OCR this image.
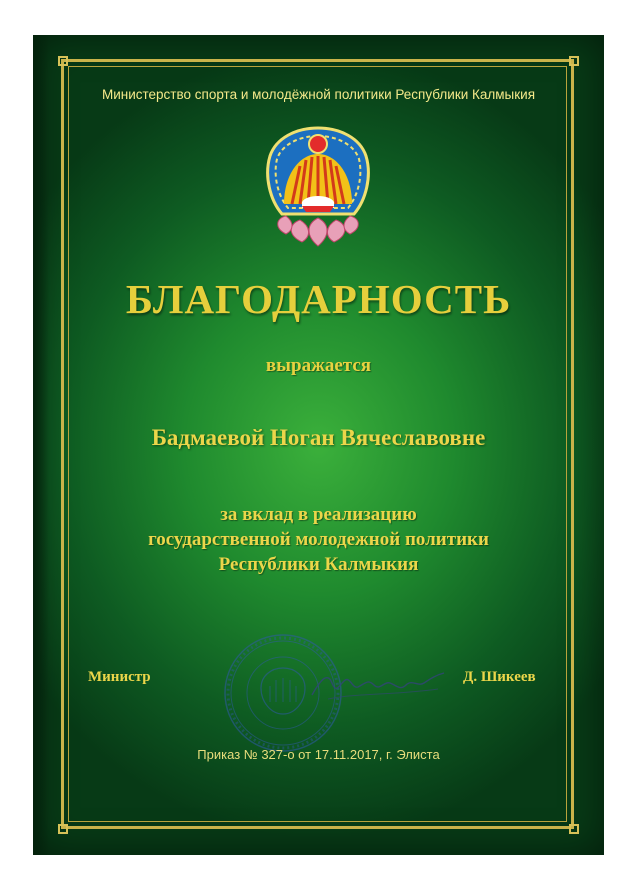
Министерство спорта и молодёжной политики Республики Калмыкия
БЛАГОДАРНОСТЬ
выражается
Бадмаевой Ноган Вячеславовне
за вклад в реализацию
государственной молодежной политики
Республики Калмыкия
Министр	Д. Шикеев
Приказ № 327-о от 17.11.2017, г. Элиста
